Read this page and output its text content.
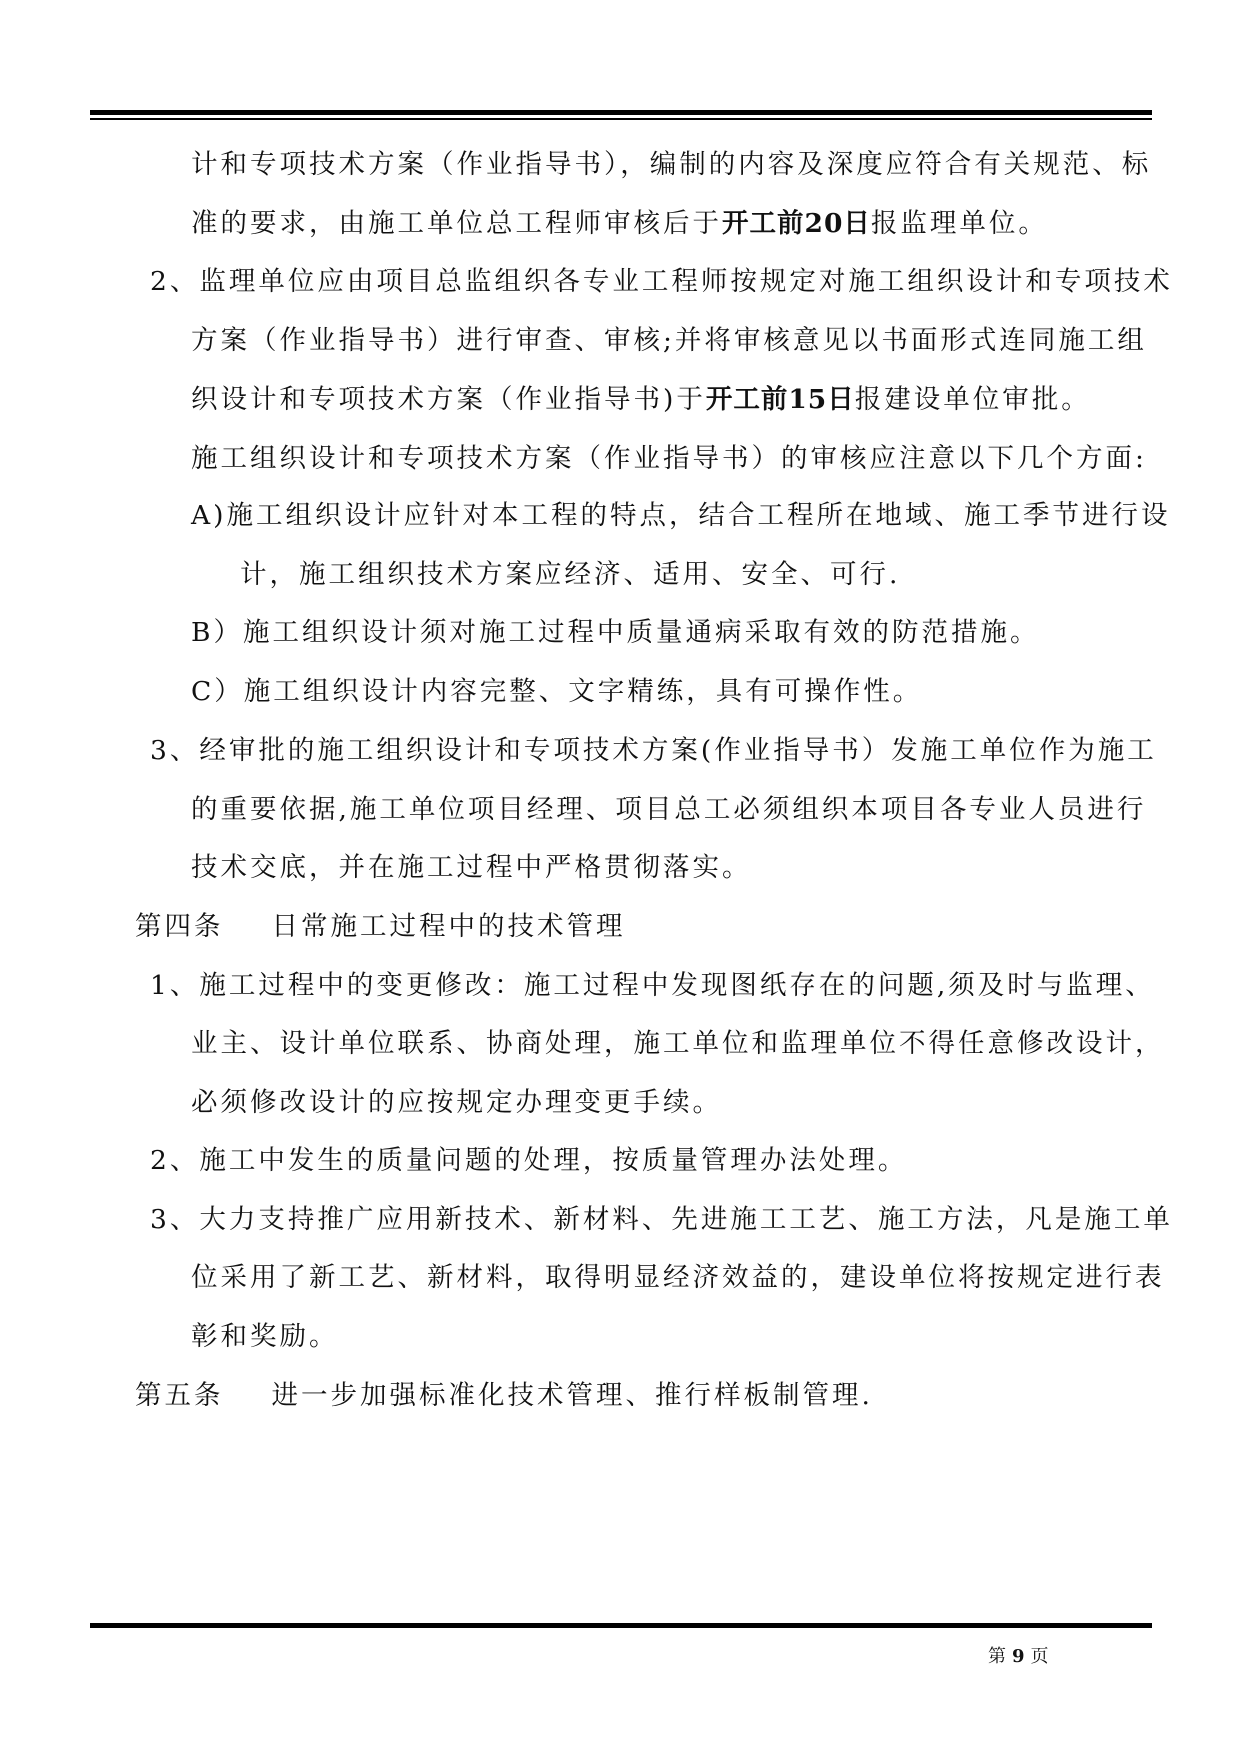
计和专项技术方案（作业指导书），编制的内容及深度应符合有关规范、标
准的要求，由施工单位总工程师审核后于开工前20日报监理单位。
2、监理单位应由项目总监组织各专业工程师按规定对施工组织设计和专项技术
方案（作业指导书）进行审查、审核;并将审核意见以书面形式连同施工组
织设计和专项技术方案（作业指导书)于开工前15日报建设单位审批。
施工组织设计和专项技术方案（作业指导书）的审核应注意以下几个方面:
A)施工组织设计应针对本工程的特点，结合工程所在地域、施工季节进行设
计，施工组织技术方案应经济、适用、安全、可行.
B）施工组织设计须对施工过程中质量通病采取有效的防范措施。
C）施工组织设计内容完整、文字精练，具有可操作性。
3、经审批的施工组织设计和专项技术方案(作业指导书）发施工单位作为施工
的重要依据,施工单位项目经理、项目总工必须组织本项目各专业人员进行
技术交底，并在施工过程中严格贯彻落实。
第四条 日常施工过程中的技术管理
1、施工过程中的变更修改：施工过程中发现图纸存在的问题,须及时与监理、
业主、设计单位联系、协商处理，施工单位和监理单位不得任意修改设计，
必须修改设计的应按规定办理变更手续。
2、施工中发生的质量问题的处理，按质量管理办法处理。
3、大力支持推广应用新技术、新材料、先进施工工艺、施工方法，凡是施工单
位采用了新工艺、新材料，取得明显经济效益的，建设单位将按规定进行表
彰和奖励。
第五条 进一步加强标准化技术管理、推行样板制管理.
第 9 页
